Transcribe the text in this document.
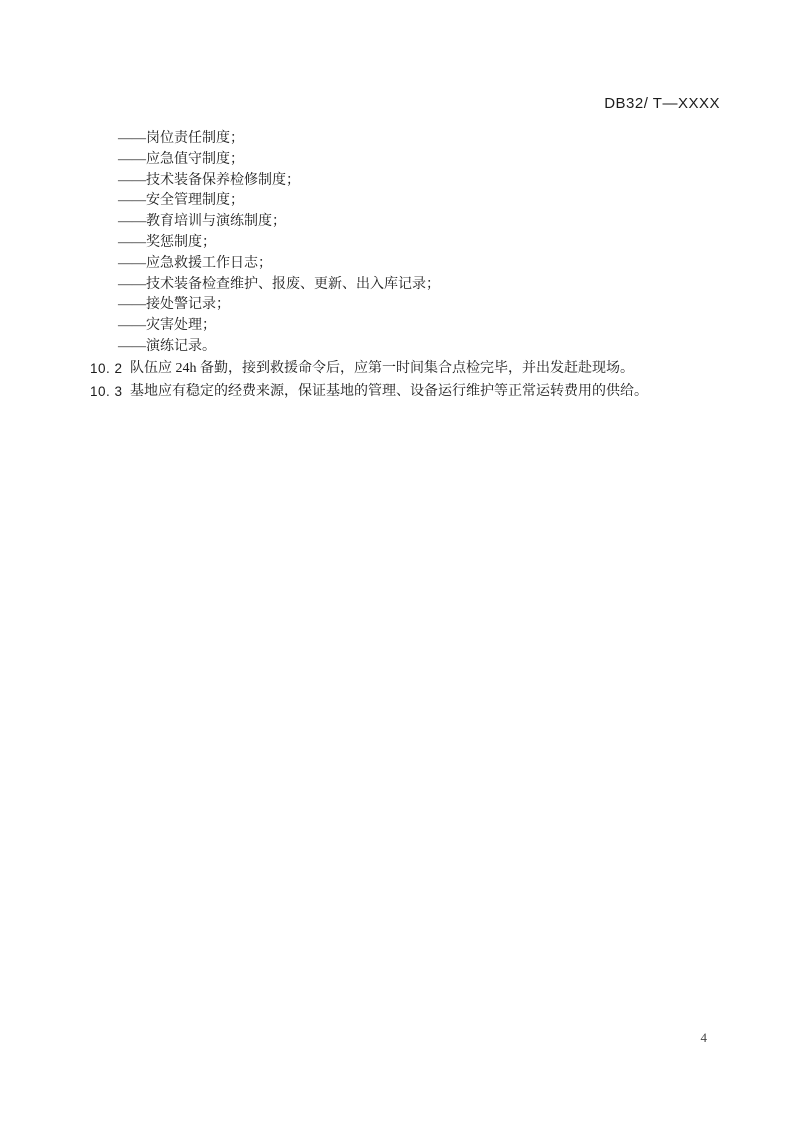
DB32/ T—XXXX
——岗位责任制度；
——应急值守制度；
——技术装备保养检修制度；
——安全管理制度；
——教育培训与演练制度；
——奖惩制度；
——应急救援工作日志；
——技术装备检查维护、报废、更新、出入库记录；
——接处警记录；
——灾害处理；
——演练记录。
10. 2 队伍应 24h 备勤，接到救援命令后，应第一时间集合点检完毕，并出发赶赴现场。
10. 3 基地应有稳定的经费来源，保证基地的管理、设备运行维护等正常运转费用的供给。
4
